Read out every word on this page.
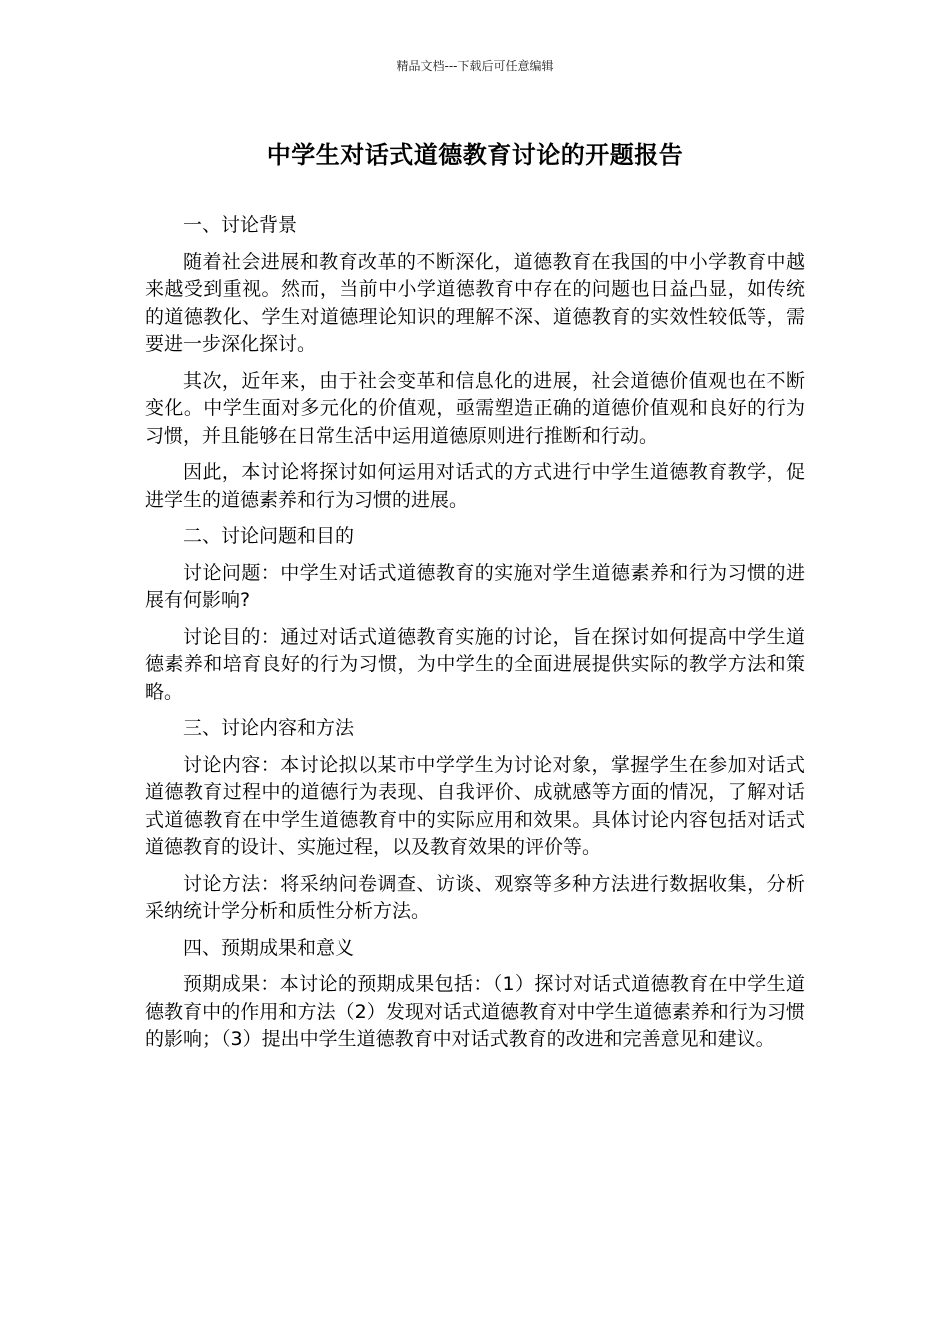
精品文档---下载后可任意编辑
中学生对话式道德教育讨论的开题报告

一、讨论背景

随着社会进展和教育改革的不断深化，道德教育在我国的中小学教育中越来越受到重视。然而，当前中小学道德教育中存在的问题也日益凸显，如传统的道德教化、学生对道德理论知识的理解不深、道德教育的实效性较低等，需要进一步深化探讨。

其次，近年来，由于社会变革和信息化的进展，社会道德价值观也在不断变化。中学生面对多元化的价值观，亟需塑造正确的道德价值观和良好的行为习惯，并且能够在日常生活中运用道德原则进行推断和行动。

因此，本讨论将探讨如何运用对话式的方式进行中学生道德教育教学，促进学生的道德素养和行为习惯的进展。

二、讨论问题和目的

讨论问题：中学生对话式道德教育的实施对学生道德素养和行为习惯的进展有何影响?

讨论目的：通过对话式道德教育实施的讨论，旨在探讨如何提高中学生道德素养和培育良好的行为习惯，为中学生的全面进展提供实际的教学方法和策略。

三、讨论内容和方法

讨论内容：本讨论拟以某市中学学生为讨论对象，掌握学生在参加对话式道德教育过程中的道德行为表现、自我评价、成就感等方面的情况，了解对话式道德教育在中学生道德教育中的实际应用和效果。具体讨论内容包括对话式道德教育的设计、实施过程，以及教育效果的评价等。

讨论方法：将采纳问卷调查、访谈、观察等多种方法进行数据收集，分析采纳统计学分析和质性分析方法。

四、预期成果和意义

预期成果：本讨论的预期成果包括：（1）探讨对话式道德教育在中学生道德教育中的作用和方法（2）发现对话式道德教育对中学生道德素养和行为习惯的影响；（3）提出中学生道德教育中对话式教育的改进和完善意见和建议。
